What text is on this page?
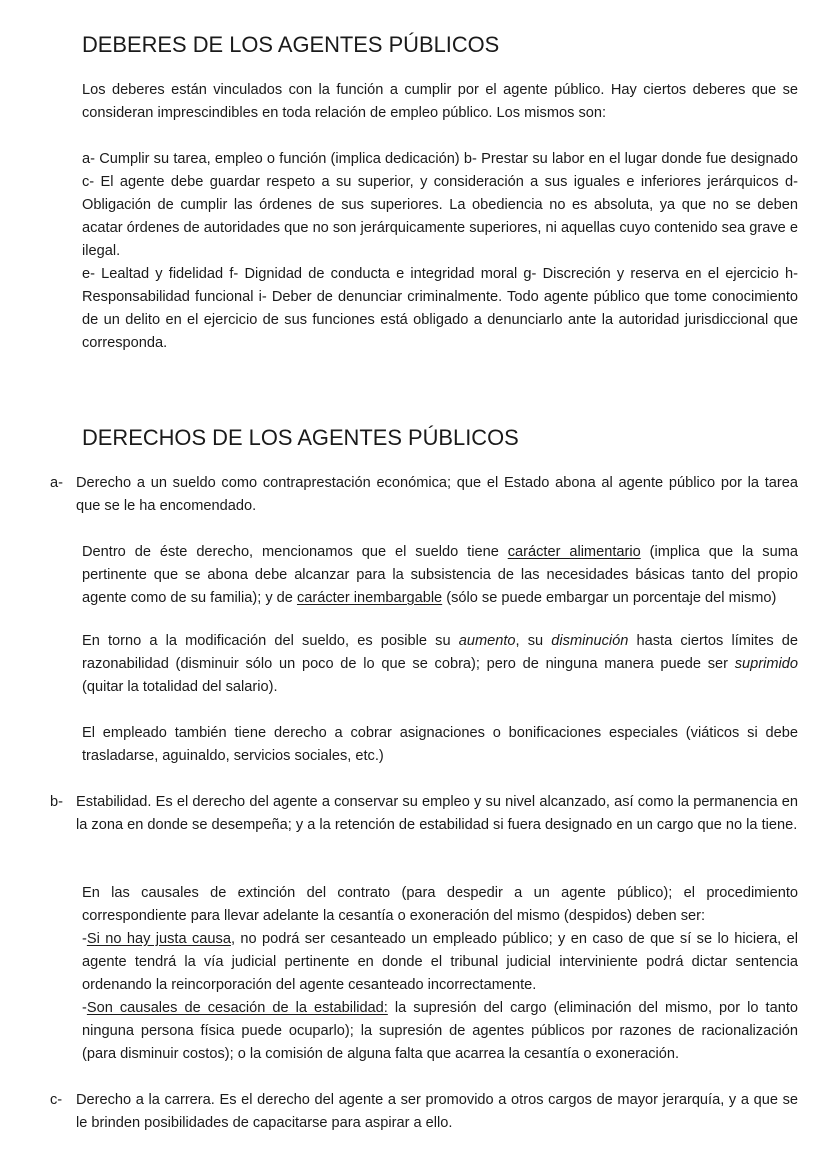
DEBERES DE LOS AGENTES PÚBLICOS

Los deberes están vinculados con la función a cumplir por el agente público. Hay ciertos deberes que se consideran imprescindibles en toda relación de empleo público. Los mismos son:

a- Cumplir su tarea, empleo o función (implica dedicación) b- Prestar su labor en el lugar donde fue designado c- El agente debe guardar respeto a su superior, y consideración a sus iguales e inferiores jerárquicos d- Obligación de cumplir las órdenes de sus superiores. La obediencia no es absoluta, ya que no se deben acatar órdenes de autoridades que no son jerárquicamente superiores, ni aquellas cuyo contenido sea grave e ilegal.

e- Lealtad y fidelidad f- Dignidad de conducta e integridad moral g- Discreción y reserva en el ejercicio h- Responsabilidad funcional i- Deber de denunciar criminalmente. Todo agente público que tome conocimiento de un delito en el ejercicio de sus funciones está obligado a denunciarlo ante la autoridad jurisdiccional que corresponda.

DERECHOS DE LOS AGENTES PÚBLICOS
a- Derecho a un sueldo como contraprestación económica; que el Estado abona al agente público por la tarea que se le ha encomendado.

Dentro de éste derecho, mencionamos que el sueldo tiene carácter alimentario (implica que la suma pertinente que se abona debe alcanzar para la subsistencia de las necesidades básicas tanto del propio agente como de su familia); y de carácter inembargable (sólo se puede embargar un porcentaje del mismo)

En torno a la modificación del sueldo, es posible su aumento, su disminución hasta ciertos límites de razonabilidad (disminuir sólo un poco de lo que se cobra); pero de ninguna manera puede ser suprimido (quitar la totalidad del salario).

El empleado también tiene derecho a cobrar asignaciones o bonificaciones especiales (viáticos si debe trasladarse, aguinaldo, servicios sociales, etc.)

b- Estabilidad. Es el derecho del agente a conservar su empleo y su nivel alcanzado, así como la permanencia en la zona en donde se desempeña; y a la retención de estabilidad si fuera designado en un cargo que no la tiene.

En las causales de extinción del contrato (para despedir a un agente público); el procedimiento correspondiente para llevar adelante la cesantía o exoneración del mismo (despidos) deben ser:

-Si no hay justa causa, no podrá ser cesanteado un empleado público; y en caso de que sí se lo hiciera, el agente tendrá la vía judicial pertinente en donde el tribunal judicial interviniente podrá dictar sentencia ordenando la reincorporación del agente cesanteado incorrectamente.

-Son causales de cesación de la estabilidad: la supresión del cargo (eliminación del mismo, por lo tanto ninguna persona física puede ocuparlo); la supresión de agentes públicos por razones de racionalización (para disminuir costos); o la comisión de alguna falta que acarrea la cesantía o exoneración.

c- Derecho a la carrera. Es el derecho del agente a ser promovido a otros cargos de mayor jerarquía, y a que se le brinden posibilidades de capacitarse para aspirar a ello.
